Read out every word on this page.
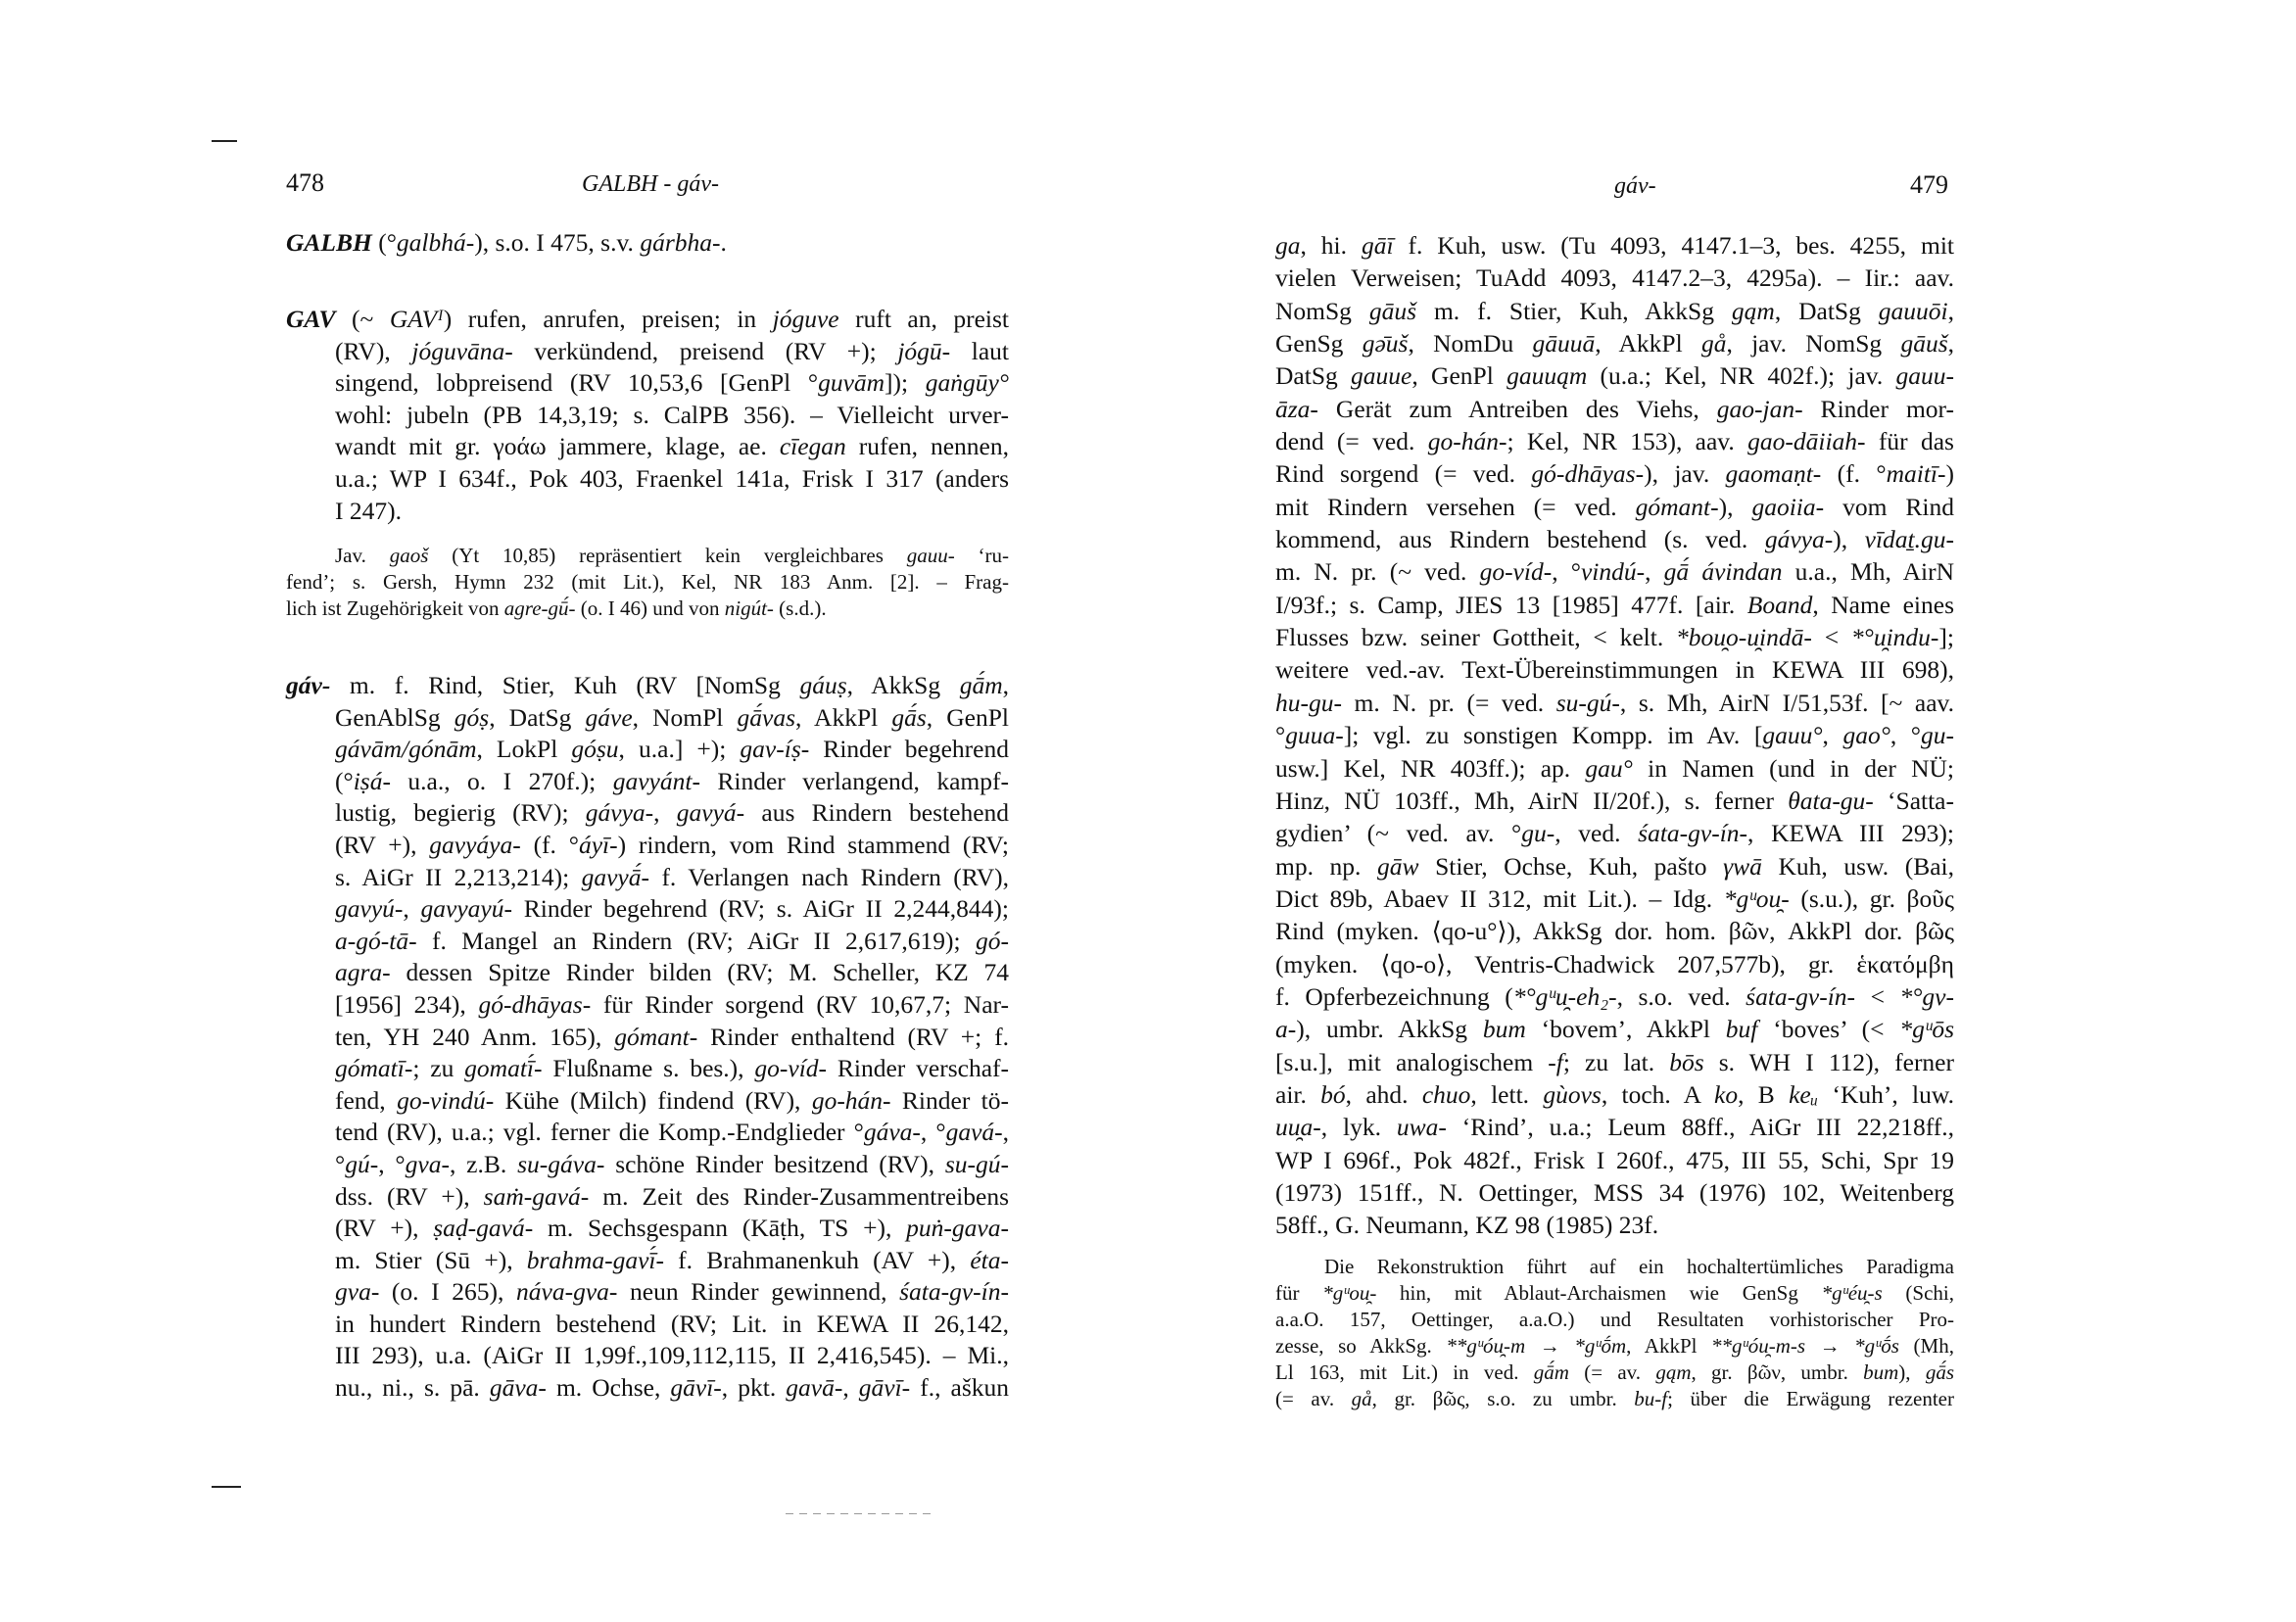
478	GALBH - gáv-
GALBH (°galbhá-), s.o. I 475, s.v. gárbha-.
GAV (~ GAVᴵ) rufen, anrufen, preisen; in jóguve ruft an, preist
(RV), jóguvāna- verkündend, preisend (RV +); jógū- laut
singend, lobpreisend (RV 10,53,6 [GenPl °guvām]); gaṅgūy°
wohl: jubeln (PB 14,3,19; s. CalPB 356). – Vielleicht urver-
wandt mit gr. γοάω jammere, klage, ae. cīegan rufen, nennen,
u.a.; WP I 634f., Pok 403, Fraenkel 141a, Frisk I 317 (anders
I 247).
Jav. gaoš (Yt 10,85) repräsentiert kein vergleichbares gauu- ‘ru-
fend’; s. Gersh, Hymn 232 (mit Lit.), Kel, NR 183 Anm. [2]. – Frag-
lich ist Zugehörigkeit von agre-gū́- (o. I 46) und von nigút- (s.d.).
gáv- m. f. Rind, Stier, Kuh (RV [NomSg gáuṣ, AkkSg gā́m,
GenAblSg góṣ, DatSg gáve, NomPl gā́vas, AkkPl gā́s, GenPl
gávām/gónām, LokPl góṣu, u.a.] +); gav-íṣ- Rinder begehrend
(°iṣá- u.a., o. I 270f.); gavyánt- Rinder verlangend, kampf-
lustig, begierig (RV); gávya-, gavyá- aus Rindern bestehend
(RV +), gavyáya- (f. °áyī-) rindern, vom Rind stammend (RV;
s. AiGr II 2,213,214); gavyā́- f. Verlangen nach Rindern (RV),
gavyú-, gavyayú- Rinder begehrend (RV; s. AiGr II 2,244,844);
a-gó-tā- f. Mangel an Rindern (RV; AiGr II 2,617,619); gó-
agra- dessen Spitze Rinder bilden (RV; M. Scheller, KZ 74
[1956] 234), gó-dhāyas- für Rinder sorgend (RV 10,67,7; Nar-
ten, YH 240 Anm. 165), gómant- Rinder enthaltend (RV +; f.
gómatī-; zu gomatī́- Flußname s. bes.), go-víd- Rinder verschaf-
fend, go-vindú- Kühe (Milch) findend (RV), go-hán- Rinder tö-
tend (RV), u.a.; vgl. ferner die Komp.-Endglieder °gáva-, °gavá-,
°gú-, °gva-, z.B. su-gáva- schöne Rinder besitzend (RV), su-gú-
dss. (RV +), saṁ-gavá- m. Zeit des Rinder-Zusammentreibens
(RV +), ṣaḍ-gavá- m. Sechsgespann (Kāṭh, TS +), puṅ-gava-
m. Stier (Sū +), brahma-gavī́- f. Brahmanenkuh (AV +), éta-
gva- (o. I 265), náva-gva- neun Rinder gewinnend, śata-gv-ín-
in hundert Rindern bestehend (RV; Lit. in KEWA II 26,142,
III 293), u.a. (AiGr II 1,99f.,109,112,115, II 2,416,545). – Mi.,
nu., ni., s. pā. gāva- m. Ochse, gāvī-, pkt. gavā-, gāvī- f., aškun
gáv-	479
ga, hi. gāī f. Kuh, usw. (Tu 4093, 4147.1–3, bes. 4255, mit
vielen Verweisen; TuAdd 4093, 4147.2–3, 4295a). – Iir.: aav.
NomSg gāuš m. f. Stier, Kuh, AkkSg gąm, DatSg gauuōi,
GenSg gə̄uš, NomDu gāuuā, AkkPl gå, jav. NomSg gāuš,
DatSg gauue, GenPl gauuąm (u.a.; Kel, NR 402f.); jav. gauu-
āza- Gerät zum Antreiben des Viehs, gao-jan- Rinder mor-
dend (= ved. go-hán-; Kel, NR 153), aav. gao-dāiiah- für das
Rind sorgend (= ved. gó-dhāyas-), jav. gaomaṇt- (f. °maitī-)
mit Rindern versehen (= ved. gómant-), gaoiia- vom Rind
kommend, aus Rindern bestehend (s. ved. gávya-), vīdaṯ.gu-
m. N. pr. (~ ved. go-víd-, °vindú-, gā́ ávindan u.a., Mh, AirN
I/93f.; s. Camp, JIES 13 [1985] 477f. [air. Boand, Name eines
Flusses bzw. seiner Gottheit, < kelt. *bou̯o-u̯indā- < *°u̯indu-];
weitere ved.-av. Text-Übereinstimmungen in KEWA III 698),
hu-gu- m. N. pr. (= ved. su-gú-, s. Mh, AirN I/51,53f. [~ aav.
°guua-]; vgl. zu sonstigen Kompp. im Av. [gauu°, gao°, °gu-
usw.] Kel, NR 403ff.); ap. gau° in Namen (und in der NÜ;
Hinz, NÜ 103ff., Mh, AirN II/20f.), s. ferner θata-gu- ‘Satta-
gydien’ (~ ved. av. °gu-, ved. śata-gv-ín-, KEWA III 293);
mp. np. gāw Stier, Ochse, Kuh, pašto γwā Kuh, usw. (Bai,
Dict 89b, Abaev II 312, mit Lit.). – Idg. *gᵘou̯- (s.u.), gr. βοῦς
Rind (myken. ⟨qo-u°⟩), AkkSg dor. hom. βῶν, AkkPl dor. βῶς
(myken. ⟨qo-o⟩, Ventris-Chadwick 207,577b), gr. ἑκατόμβη
f. Opferbezeichnung (*°gᵘu̯-eh₂-, s.o. ved. śata-gv-ín- < *°gv-
a-), umbr. AkkSg bum ‘bovem’, AkkPl buf ‘boves’ (< *gᵘōs
[s.u.], mit analogischem -f; zu lat. bōs s. WH I 112), ferner
air. bó, ahd. chuo, lett. gùovs, toch. A ko, B keᵤ ‘Kuh’, luw.
uu̯a-, lyk. uwa- ‘Rind’, u.a.; Leum 88ff., AiGr III 22,218ff.,
WP I 696f., Pok 482f., Frisk I 260f., 475, III 55, Schi, Spr 19
(1973) 151ff., N. Oettinger, MSS 34 (1976) 102, Weitenberg
58ff., G. Neumann, KZ 98 (1985) 23f.
Die Rekonstruktion führt auf ein hochaltertümliches Paradigma
für *gᵘou̯- hin, mit Ablaut-Archaismen wie GenSg *gᵘéu̯-s (Schi,
a.a.O. 157, Oettinger, a.a.O.) und Resultaten vorhistorischer Pro-
zesse, so AkkSg. **gᵘóu̯-m → *gᵘṓm, AkkPl **gᵘóu̯-m-s → *gᵘṓs (Mh,
Ll 163, mit Lit.) in ved. gā́m (= av. gąm, gr. βῶν, umbr. bum), gā́s
(= av. gå, gr. βῶς, s.o. zu umbr. bu-f; über die Erwägung rezenter
